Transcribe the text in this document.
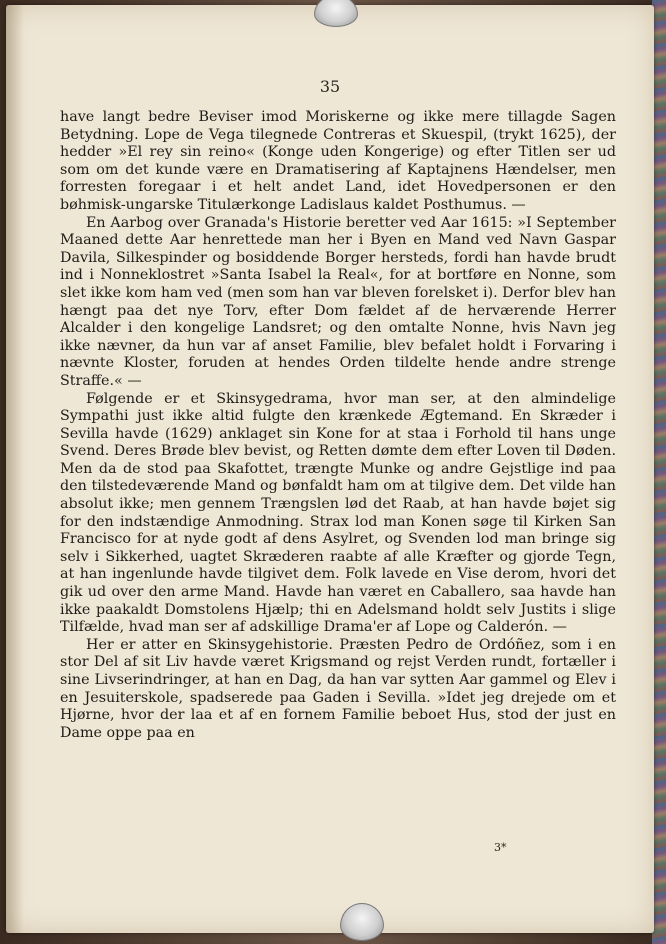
35

have langt bedre Beviser imod Moriskerne og ikke mere tillagde Sagen Betydning. Lope de Vega tilegnede Contreras et Skuespil, (trykt 1625), der hedder »El rey sin reino« (Konge uden Kongerige) og efter Titlen ser ud som om det kunde være en Dramatisering af Kaptajnens Hændelser, men forresten foregaar i et helt andet Land, idet Hovedpersonen er den bøhmisk-ungarske Titulærkonge Ladislaus kaldet Posthumus. —

En Aarbog over Granada's Historie beretter ved Aar 1615: »I September Maaned dette Aar henrettede man her i Byen en Mand ved Navn Gaspar Davila, Silkespinder og bosiddende Borger hersteds, fordi han havde brudt ind i Nonneklostret »Santa Isabel la Real«, for at bortføre en Nonne, som slet ikke kom ham ved (men som han var bleven forelsket i). Derfor blev han hængt paa det nye Torv, efter Dom fældet af de herværende Herrer Alcalder i den kongelige Landsret; og den omtalte Nonne, hvis Navn jeg ikke nævner, da hun var af anset Familie, blev befalet holdt i Forvaring i nævnte Kloster, foruden at hendes Orden tildelte hende andre strenge Straffe.« —

Følgende er et Skinsygedrama, hvor man ser, at den almindelige Sympathi just ikke altid fulgte den krænkede Ægtemand. En Skræder i Sevilla havde (1629) anklaget sin Kone for at staa i Forhold til hans unge Svend. Deres Brøde blev bevist, og Retten dømte dem efter Loven til Døden. Men da de stod paa Skafottet, trængte Munke og andre Gejstlige ind paa den tilstedeværende Mand og bønfaldt ham om at tilgive dem. Det vilde han absolut ikke; men gennem Trængslen lød det Raab, at han havde bøjet sig for den indstændige Anmodning. Strax lod man Konen søge til Kirken San Francisco for at nyde godt af dens Asylret, og Svenden lod man bringe sig selv i Sikkerhed, uagtet Skræderen raabte af alle Kræfter og gjorde Tegn, at han ingenlunde havde tilgivet dem. Folk lavede en Vise derom, hvori det gik ud over den arme Mand. Havde han været en Caballero, saa havde han ikke paakaldt Domstolens Hjælp; thi en Adelsmand holdt selv Justits i slige Tilfælde, hvad man ser af adskillige Drama'er af Lope og Calderón. —

Her er atter en Skinsygehistorie. Præsten Pedro de Ordóñez, som i en stor Del af sit Liv havde været Krigsmand og rejst Verden rundt, fortæller i sine Livserindringer, at han en Dag, da han var sytten Aar gammel og Elev i en Jesuiterskole, spadserede paa Gaden i Sevilla. »Idet jeg drejede om et Hjørne, hvor der laa et af en fornem Familie beboet Hus, stod der just en Dame oppe paa en

3*
